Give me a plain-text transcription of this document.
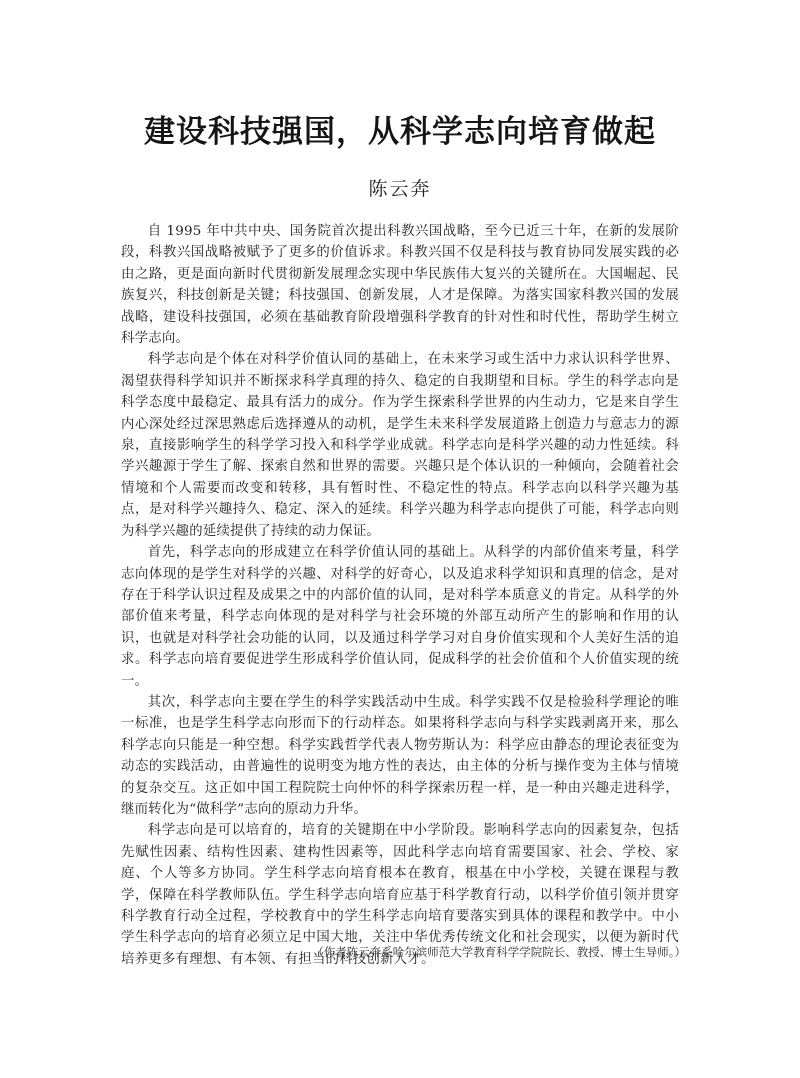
建设科技强国，从科学志向培育做起
陈云奔

自 1995 年中共中央、国务院首次提出科教兴国战略，至今已近三十年，在新的发展阶段，科教兴国战略被赋予了更多的价值诉求。科教兴国不仅是科技与教育协同发展实践的必由之路，更是面向新时代贯彻新发展理念实现中华民族伟大复兴的关键所在。大国崛起、民族复兴，科技创新是关键；科技强国、创新发展，人才是保障。为落实国家科教兴国的发展战略，建设科技强国，必须在基础教育阶段增强科学教育的针对性和时代性，帮助学生树立科学志向。

科学志向是个体在对科学价值认同的基础上，在未来学习或生活中力求认识科学世界、渴望获得科学知识并不断探求科学真理的持久、稳定的自我期望和目标。学生的科学志向是科学态度中最稳定、最具有活力的成分。作为学生探索科学世界的内生动力，它是来自学生内心深处经过深思熟虑后选择遵从的动机，是学生未来科学发展道路上创造力与意志力的源泉，直接影响学生的科学学习投入和科学学业成就。科学志向是科学兴趣的动力性延续。科学兴趣源于学生了解、探索自然和世界的需要。兴趣只是个体认识的一种倾向，会随着社会情境和个人需要而改变和转移，具有暂时性、不稳定性的特点。科学志向以科学兴趣为基点，是对科学兴趣持久、稳定、深入的延续。科学兴趣为科学志向提供了可能，科学志向则为科学兴趣的延续提供了持续的动力保证。

首先，科学志向的形成建立在科学价值认同的基础上。从科学的内部价值来考量，科学志向体现的是学生对科学的兴趣、对科学的好奇心，以及追求科学知识和真理的信念，是对存在于科学认识过程及成果之中的内部价值的认同，是对科学本质意义的肯定。从科学的外部价值来考量，科学志向体现的是对科学与社会环境的外部互动所产生的影响和作用的认识，也就是对科学社会功能的认同，以及通过科学学习对自身价值实现和个人美好生活的追求。科学志向培育要促进学生形成科学价值认同，促成科学的社会价值和个人价值实现的统一。

其次，科学志向主要在学生的科学实践活动中生成。科学实践不仅是检验科学理论的唯一标准，也是学生科学志向形而下的行动样态。如果将科学志向与科学实践剥离开来，那么科学志向只能是一种空想。科学实践哲学代表人物劳斯认为：科学应由静态的理论表征变为动态的实践活动，由普遍性的说明变为地方性的表达，由主体的分析与操作变为主体与情境的复杂交互。这正如中国工程院院士向仲怀的科学探索历程一样，是一种由兴趣走进科学，继而转化为“做科学”志向的原动力升华。

科学志向是可以培育的，培育的关键期在中小学阶段。影响科学志向的因素复杂，包括先赋性因素、结构性因素、建构性因素等，因此科学志向培育需要国家、社会、学校、家庭、个人等多方协同。学生科学志向培育根本在教育，根基在中小学校，关键在课程与教学，保障在科学教师队伍。学生科学志向培育应基于科学教育行动，以科学价值引领并贯穿科学教育行动全过程，学校教育中的学生科学志向培育要落实到具体的课程和教学中。中小学生科学志向的培育必须立足中国大地，关注中华优秀传统文化和社会现实，以便为新时代培养更多有理想、有本领、有担当的科技创新人才。

（作者陈云奔系哈尔滨师范大学教育科学学院院长、教授、博士生导师。）
